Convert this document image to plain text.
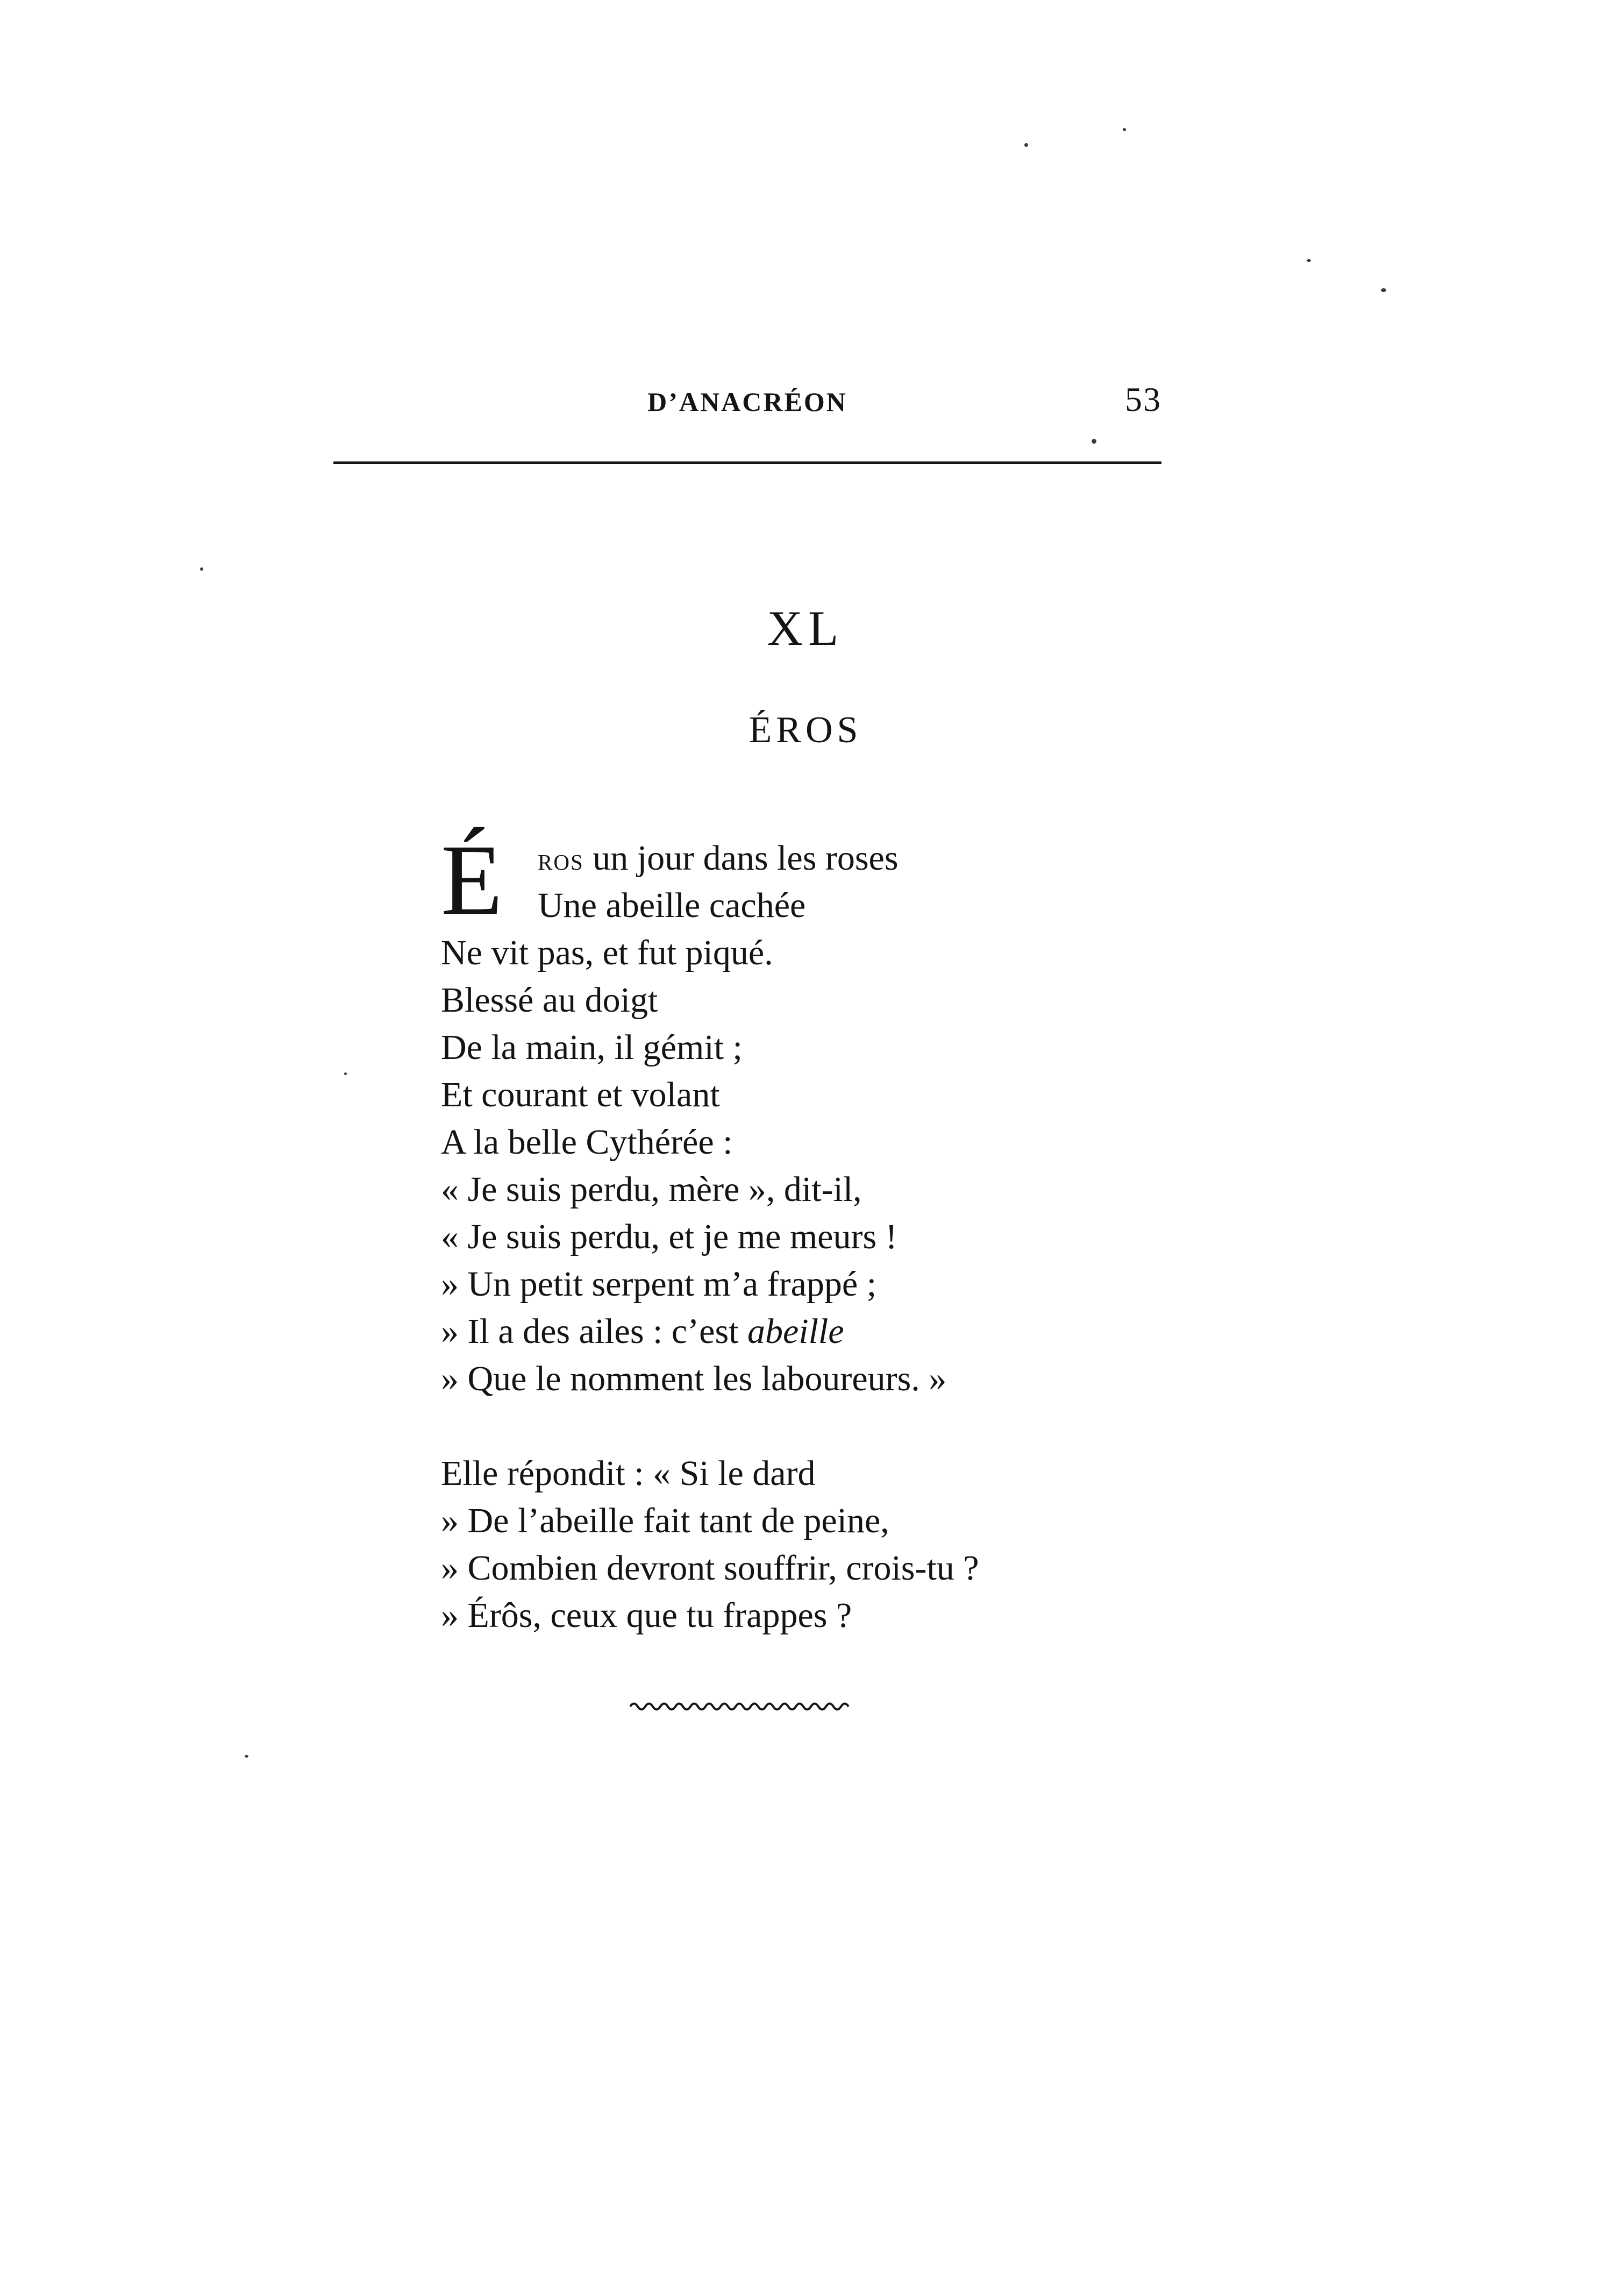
D’ANACRÉON	53
XL
ÉROS
É	ros un jour dans les roses
Une abeille cachée
Ne vit pas, et fut piqué.
Blessé au doigt
De la main, il gémit ;
Et courant et volant
A la belle Cythérée :
« Je suis perdu, mère », dit-il,
« Je suis perdu, et je me meurs !
» Un petit serpent m’a frappé ;
» Il a des ailes : c’est abeille
» Que le nomment les laboureurs. »
Elle répondit : « Si le dard
» De l’abeille fait tant de peine,
» Combien devront souffrir, crois-tu ?
» Érôs, ceux que tu frappes ?
